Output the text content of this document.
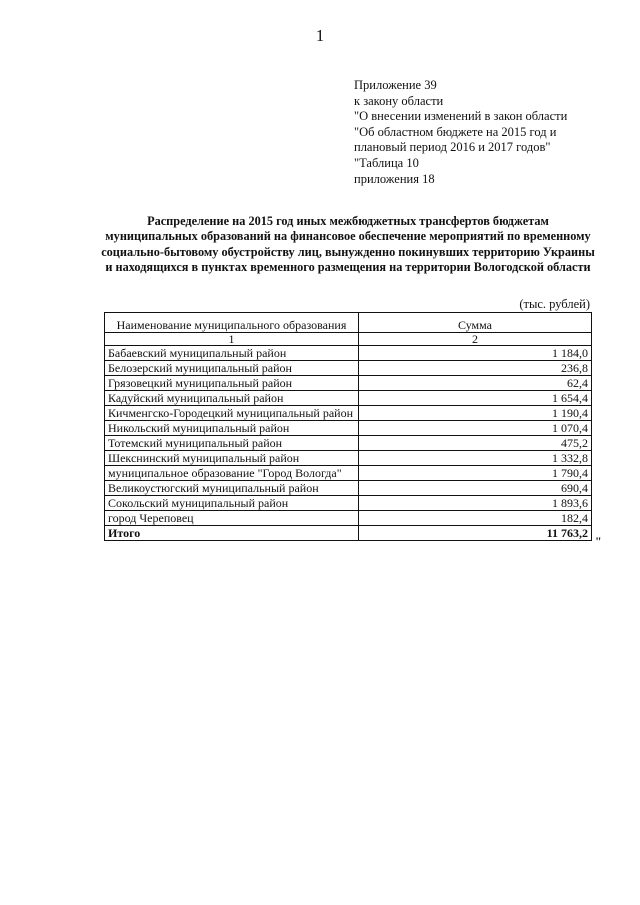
1
Приложение 39
к закону области
"О внесении изменений в закон области
"Об областном бюджете на 2015 год и
плановый период 2016 и 2017 годов"
"Таблица 10
приложения 18
Распределение на 2015 год иных межбюджетных трансфертов бюджетам
муниципальных образований на финансовое обеспечение мероприятий по временному
социально-бытовому обустройству лиц, вынужденно покинувших территорию Украины
и находящихся в пунктах временного размещения на территории Вологодской области
(тыс. рублей)
Наименование муниципального образования	Сумма
1	2
Бабаевский муниципальный район	1 184,0
Белозерский муниципальный район	236,8
Грязовецкий муниципальный район	62,4
Кадуйский муниципальный район	1 654,4
Кичменгско-Городецкий муниципальный район	1 190,4
Никольский муниципальный район	1 070,4
Тотемский муниципальный район	475,2
Шекснинский муниципальный район	1 332,8
муниципальное образование "Город Вологда"	1 790,4
Великоустюгский муниципальный район	690,4
Сокольский муниципальный район	1 893,6
город Череповец	182,4
Итого	11 763,2
"
